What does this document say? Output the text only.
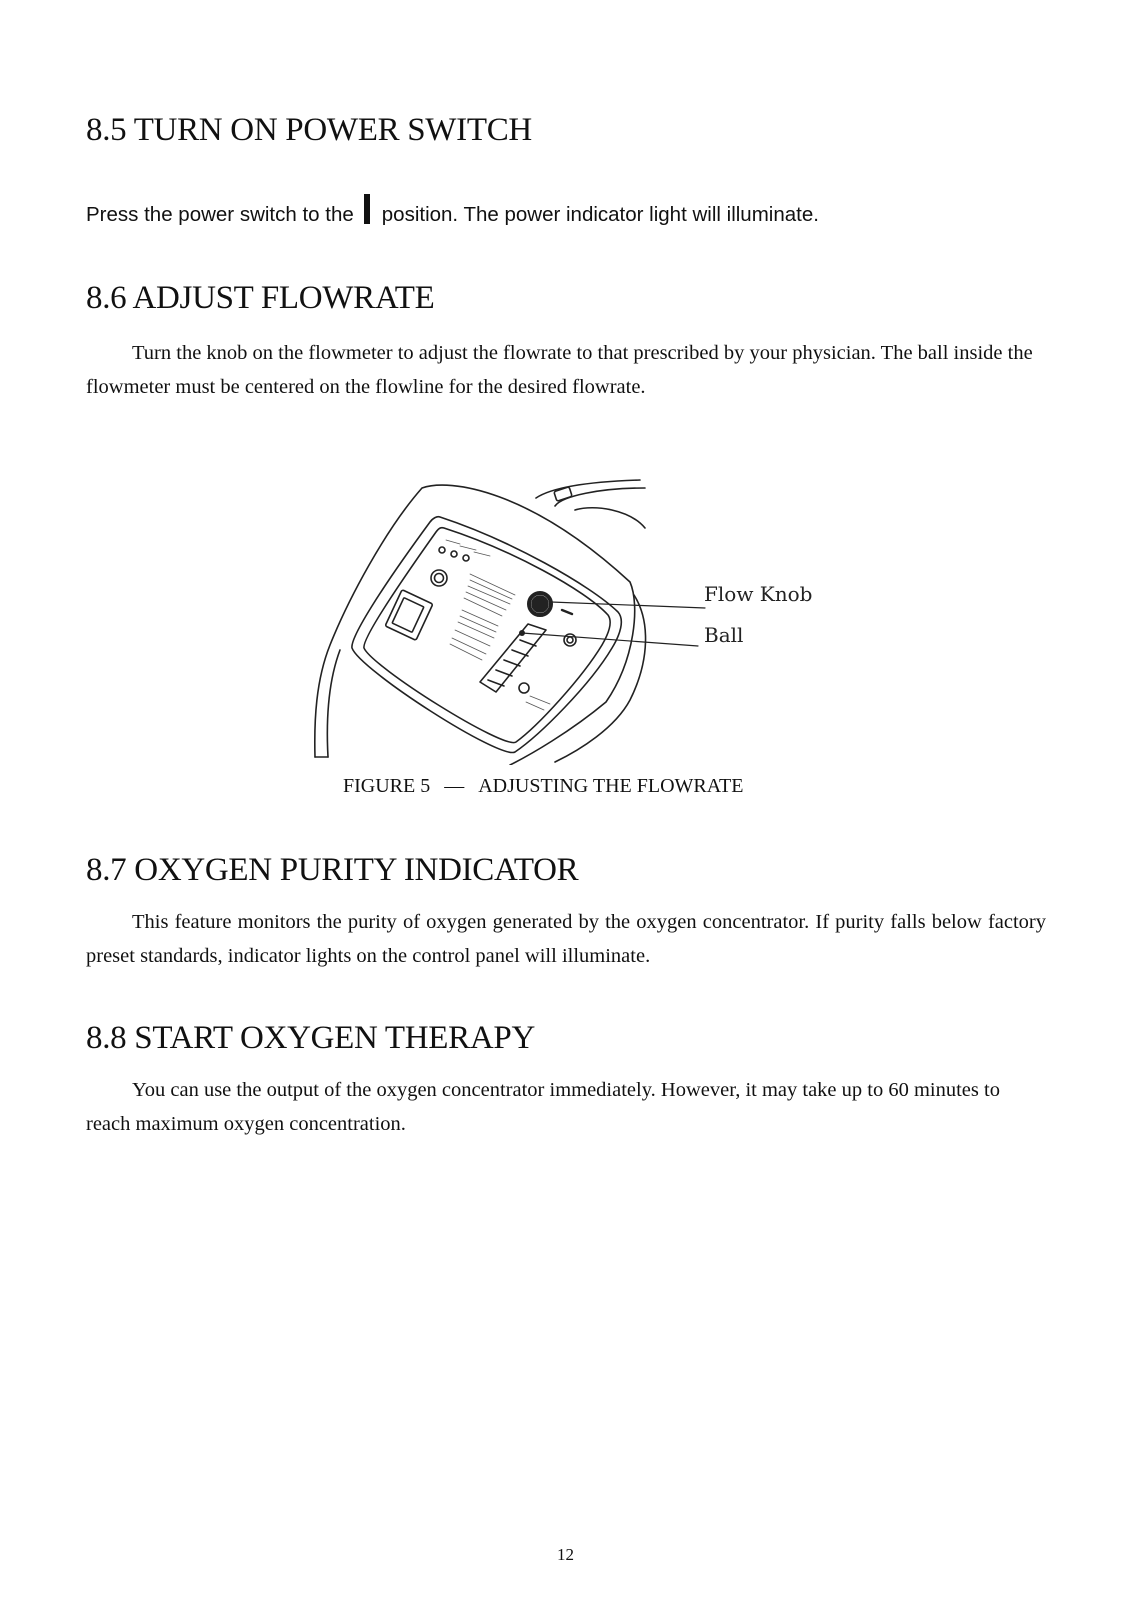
8.5 TURN ON POWER SWITCH

Press the power switch to the position. The power indicator light will illuminate.

8.6 ADJUST FLOWRATE

Turn the knob on the flowmeter to adjust the flowrate to that prescribed by your physician. The ball inside the flowmeter must be centered on the flowline for the desired flowrate.

Flow Knob
Ball

FIGURE 5 — ADJUSTING THE FLOWRATE

8.7 OXYGEN PURITY INDICATOR

This feature monitors the purity of oxygen generated by the oxygen concentrator. If purity falls below factory preset standards, indicator lights on the control panel will illuminate.

8.8 START OXYGEN THERAPY

You can use the output of the oxygen concentrator immediately. However, it may take up to 60 minutes to reach maximum oxygen concentration.

12
